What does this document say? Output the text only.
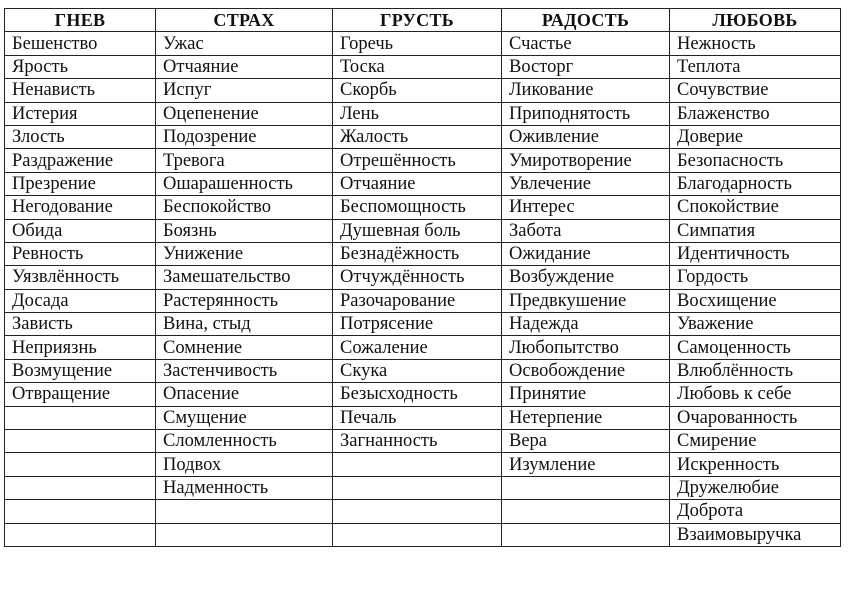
ГНЕВ	СТРАХ	ГРУСТЬ	РАДОСТЬ	ЛЮБОВЬ
Бешенство	Ужас	Горечь	Счастье	Нежность
Ярость	Отчаяние	Тоска	Восторг	Теплота
Ненависть	Испуг	Скорбь	Ликование	Сочувствие
Истерия	Оцепенение	Лень	Приподнятость	Блаженство
Злость	Подозрение	Жалость	Оживление	Доверие
Раздражение	Тревога	Отрешённость	Умиротворение	Безопасность
Презрение	Ошарашенность	Отчаяние	Увлечение	Благодарность
Негодование	Беспокойство	Беспомощность	Интерес	Спокойствие
Обида	Боязнь	Душевная боль	Забота	Симпатия
Ревность	Унижение	Безнадёжность	Ожидание	Идентичность
Уязвлённость	Замешательство	Отчуждённость	Возбуждение	Гордость
Досада	Растерянность	Разочарование	Предвкушение	Восхищение
Зависть	Вина, стыд	Потрясение	Надежда	Уважение
Неприязнь	Сомнение	Сожаление	Любопытство	Самоценность
Возмущение	Застенчивость	Скука	Освобождение	Влюблённость
Отвращение	Опасение	Безысходность	Принятие	Любовь к себе
	Смущение	Печаль	Нетерпение	Очарованность
	Сломленность	Загнанность	Вера	Смирение
	Подвох		Изумление	Искренность
	Надменность			Дружелюбие
				Доброта
				Взаимовыручка
